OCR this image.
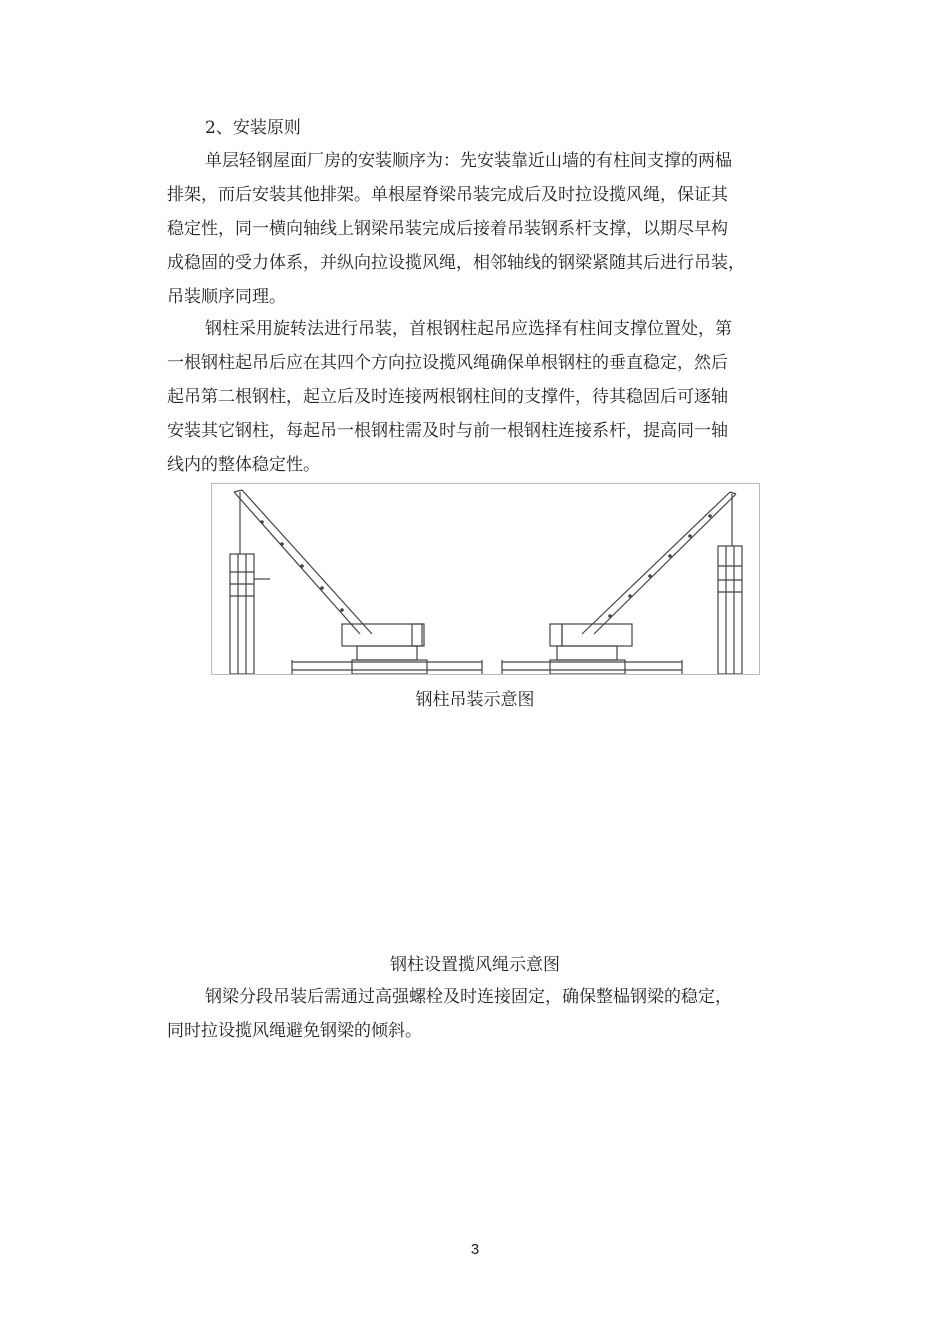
2、安装原则
单层轻钢屋面厂房的安装顺序为：先安装靠近山墙的有柱间支撑的两榀
排架，而后安装其他排架。单根屋脊梁吊装完成后及时拉设揽风绳，保证其
稳定性，同一横向轴线上钢梁吊装完成后接着吊装钢系杆支撑，以期尽早构
成稳固的受力体系，并纵向拉设揽风绳，相邻轴线的钢梁紧随其后进行吊装，
吊装顺序同理。
钢柱采用旋转法进行吊装，首根钢柱起吊应选择有柱间支撑位置处，第
一根钢柱起吊后应在其四个方向拉设揽风绳确保单根钢柱的垂直稳定，然后
起吊第二根钢柱，起立后及时连接两根钢柱间的支撑件，待其稳固后可逐轴
安装其它钢柱，每起吊一根钢柱需及时与前一根钢柱连接系杆，提高同一轴
线内的整体稳定性。
钢柱吊装示意图
钢柱设置揽风绳示意图
钢梁分段吊装后需通过高强螺栓及时连接固定，确保整榀钢梁的稳定，
同时拉设揽风绳避免钢梁的倾斜。
3
